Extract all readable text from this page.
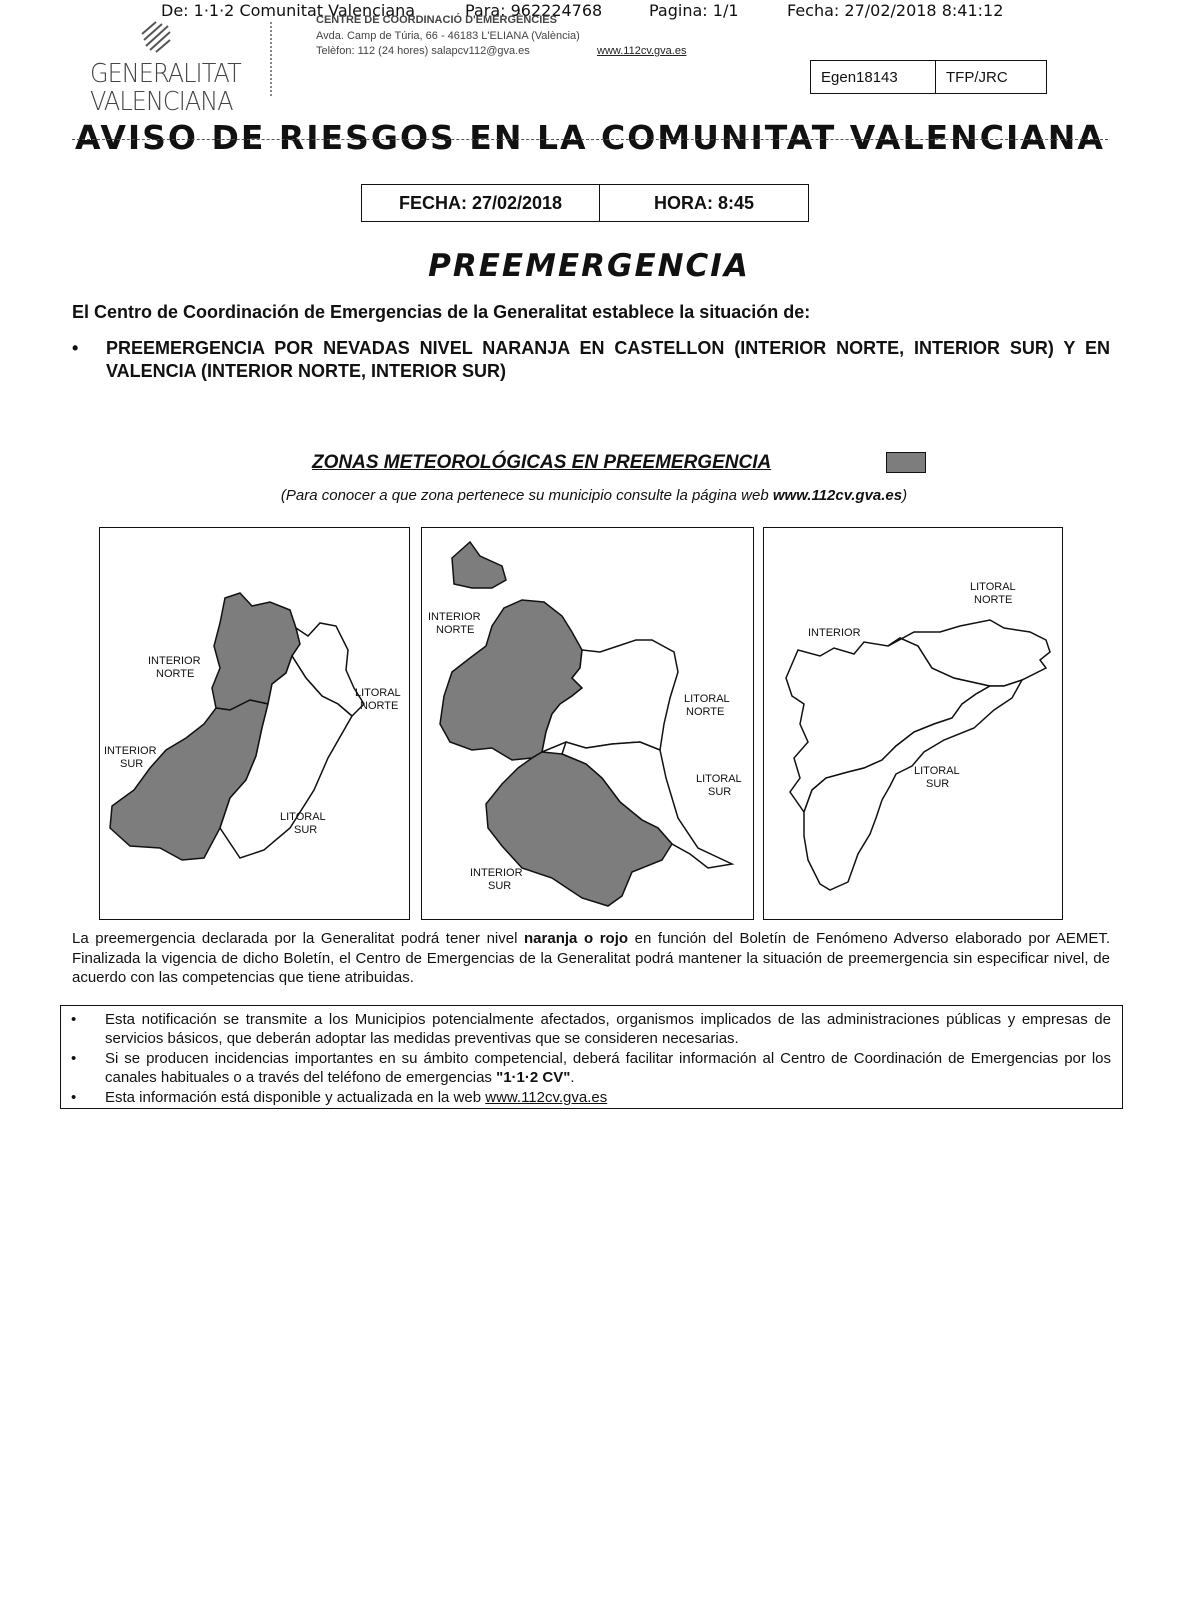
De: 1·1·2 Comunitat Valenciana	Para: 962224768	Pagina: 1/1	Fecha: 27/02/2018 8:41:12
GENERALITAT
VALENCIANA
CENTRE DE COORDINACIÓ D'EMERGÈNCIES
Avda. Camp de Túria, 66 - 46183 L'ELIANA (València)
Telèfon: 112 (24 hores) salapcv112@gva.es	www.112cv.gva.es
Egen18143	TFP/JRC
AVISO DE RIESGOS EN LA COMUNITAT VALENCIANA
FECHA: 27/02/2018	HORA: 8:45
PREEMERGENCIA
El Centro de Coordinación de Emergencias de la Generalitat establece la situación de:
• PREEMERGENCIA POR NEVADAS NIVEL NARANJA EN CASTELLON (INTERIOR NORTE, INTERIOR SUR) Y EN VALENCIA (INTERIOR NORTE, INTERIOR SUR)
ZONAS METEOROLÓGICAS EN PREEMERGENCIA
(Para conocer a que zona pertenece su municipio consulte la página web www.112cv.gva.es)
INTERIOR
NORTE
INTERIOR
SUR
LITORAL
NORTE
LITORAL
SUR
INTERIOR
NORTE
LITORAL
NORTE
LITORAL
SUR
INTERIOR
SUR
LITORAL
NORTE
INTERIOR
LITORAL
SUR
La preemergencia declarada por la Generalitat podrá tener nivel naranja o rojo en función del Boletín de Fenómeno Adverso elaborado por AEMET. Finalizada la vigencia de dicho Boletín, el Centro de Emergencias de la Generalitat podrá mantener la situación de preemergencia sin especificar nivel, de acuerdo con las competencias que tiene atribuidas.
• Esta notificación se transmite a los Municipios potencialmente afectados, organismos implicados de las administraciones públicas y empresas de servicios básicos, que deberán adoptar las medidas preventivas que se consideren necesarias.
• Si se producen incidencias importantes en su ámbito competencial, deberá facilitar información al Centro de Coordinación de Emergencias por los canales habituales o a través del teléfono de emergencias "1·1·2 CV".
• Esta información está disponible y actualizada en la web www.112cv.gva.es
